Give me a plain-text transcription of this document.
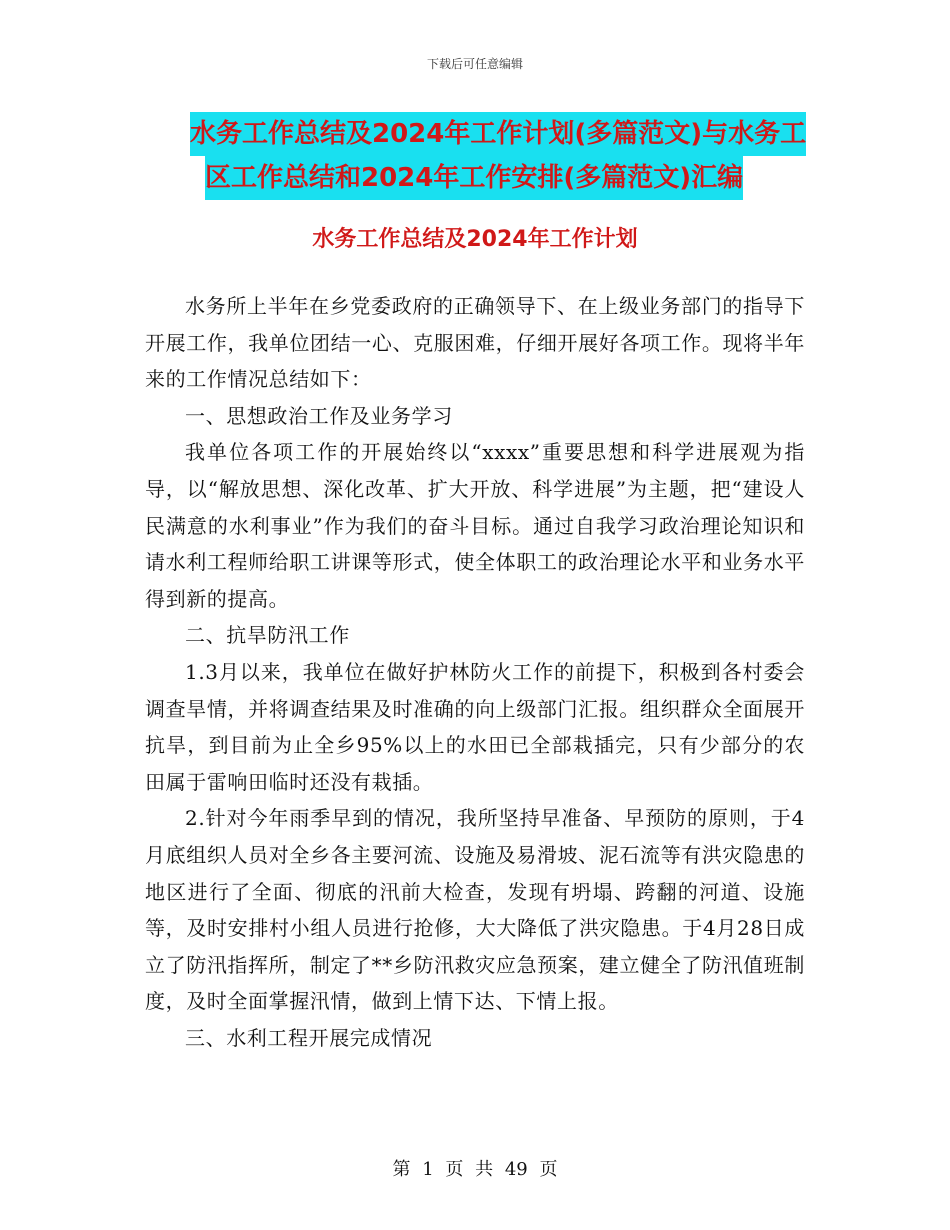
下载后可任意编辑
水务工作总结及2024年工作计划(多篇范文)与水务工
区工作总结和2024年工作安排(多篇范文)汇编
水务工作总结及2024年工作计划

水务所上半年在乡党委政府的正确领导下、在上级业务部门的指导下开展工作，我单位团结一心、克服困难，仔细开展好各项工作。现将半年来的工作情况总结如下：

一、思想政治工作及业务学习

我单位各项工作的开展始终以“xxxx”重要思想和科学进展观为指导，以“解放思想、深化改革、扩大开放、科学进展”为主题，把“建设人民满意的水利事业”作为我们的奋斗目标。通过自我学习政治理论知识和请水利工程师给职工讲课等形式，使全体职工的政治理论水平和业务水平得到新的提高。

二、抗旱防汛工作

1.3月以来，我单位在做好护林防火工作的前提下，积极到各村委会调查旱情，并将调查结果及时准确的向上级部门汇报。组织群众全面展开抗旱，到目前为止全乡95%以上的水田已全部栽插完，只有少部分的农田属于雷响田临时还没有栽插。

2.针对今年雨季早到的情况，我所坚持早准备、早预防的原则，于4月底组织人员对全乡各主要河流、设施及易滑坡、泥石流等有洪灾隐患的地区进行了全面、彻底的汛前大检查，发现有坍塌、跨翻的河道、设施等，及时安排村小组人员进行抢修，大大降低了洪灾隐患。于4月28日成立了防汛指挥所，制定了**乡防汛救灾应急预案，建立健全了防汛值班制度，及时全面掌握汛情，做到上情下达、下情上报。

三、水利工程开展完成情况

第 1 页 共 49 页
